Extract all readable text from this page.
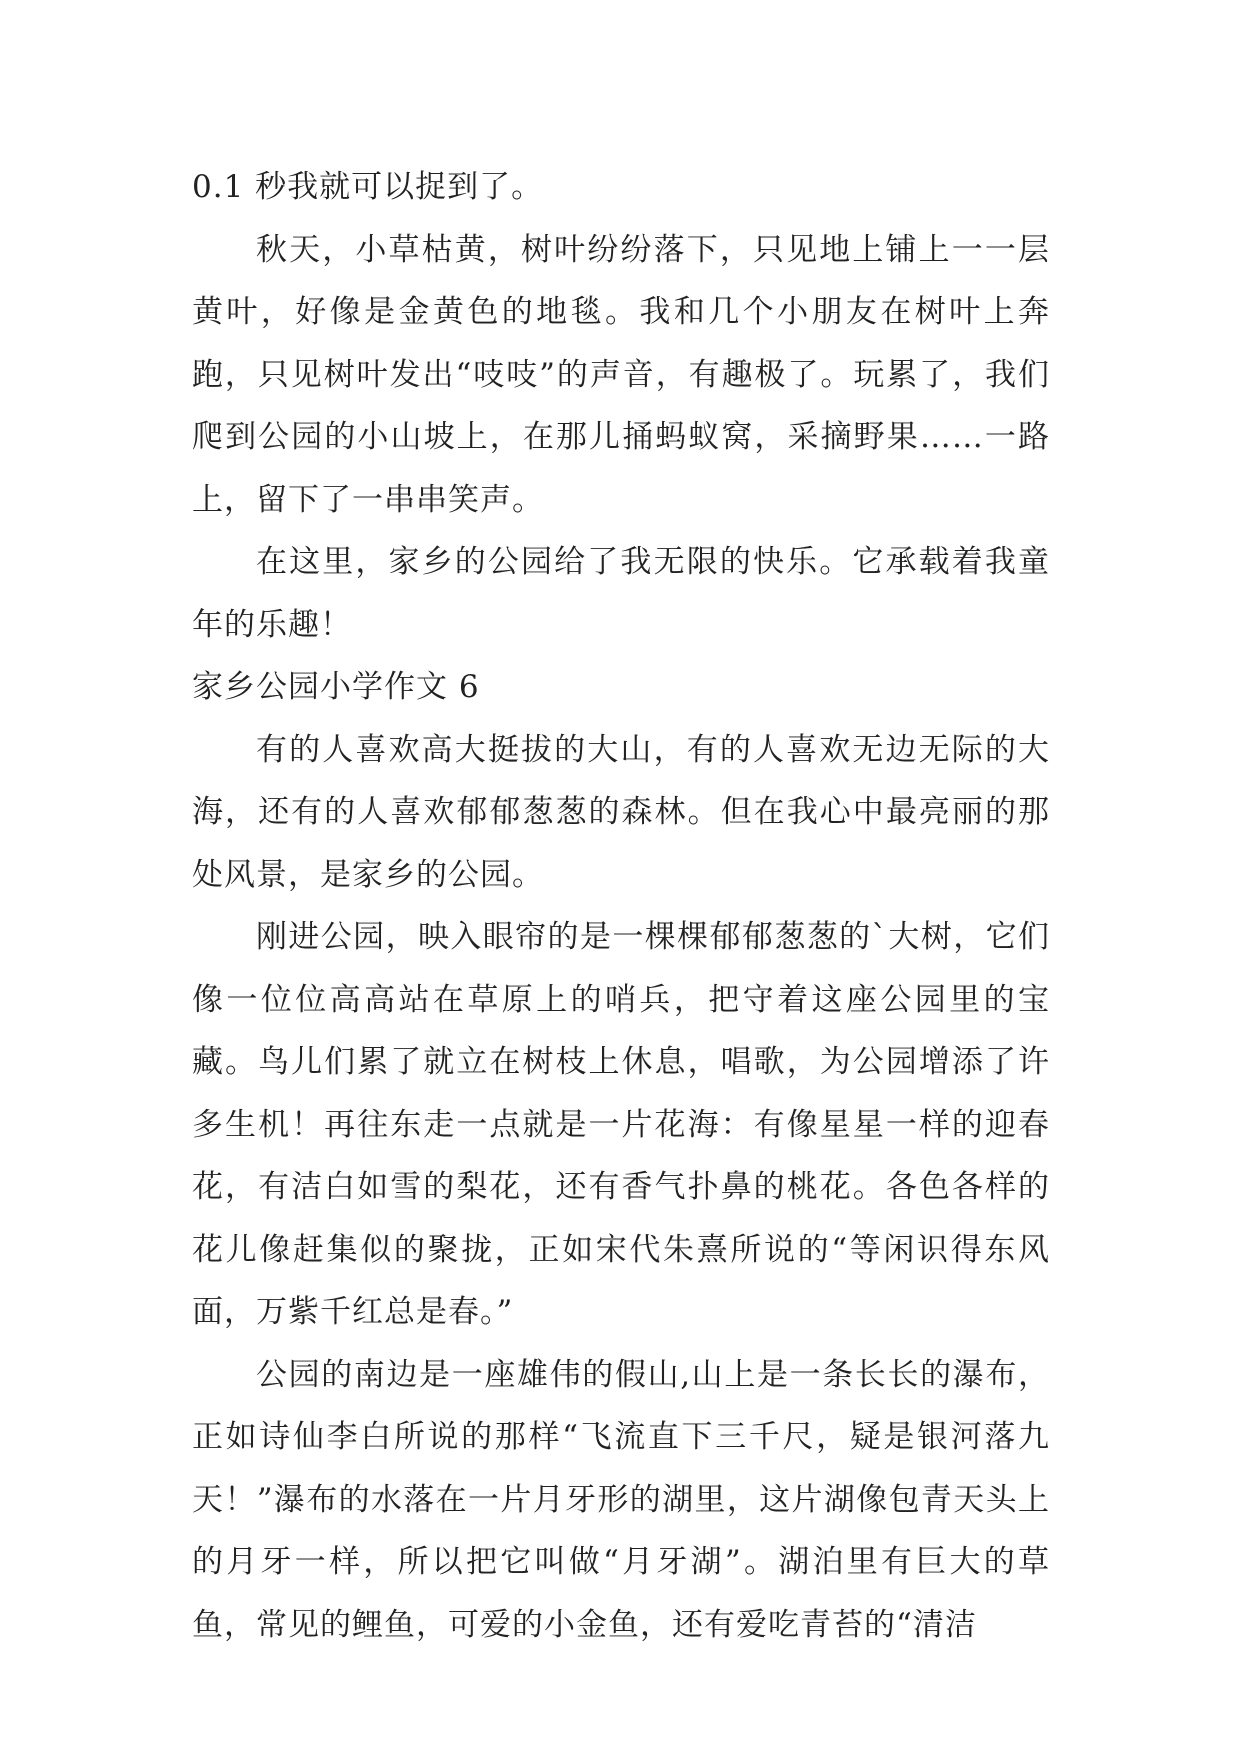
0.1 秒我就可以捉到了。

秋天，小草枯黄，树叶纷纷落下，只见地上铺上一一层黄叶，好像是金黄色的地毯。我和几个小朋友在树叶上奔跑，只见树叶发出“吱吱”的声音，有趣极了。玩累了，我们爬到公园的小山坡上，在那儿捅蚂蚁窝，采摘野果……一路上，留下了一串串笑声。

在这里，家乡的公园给了我无限的快乐。它承载着我童年的乐趣！

家乡公园小学作文 6

有的人喜欢高大挺拔的大山，有的人喜欢无边无际的大海，还有的人喜欢郁郁葱葱的森林。但在我心中最亮丽的那处风景，是家乡的公园。

刚进公园，映入眼帘的是一棵棵郁郁葱葱的`大树，它们像一位位高高站在草原上的哨兵，把守着这座公园里的宝藏。鸟儿们累了就立在树枝上休息，唱歌，为公园增添了许多生机！再往东走一点就是一片花海：有像星星一样的迎春花，有洁白如雪的梨花，还有香气扑鼻的桃花。各色各样的花儿像赶集似的聚拢，正如宋代朱熹所说的“等闲识得东风面，万紫千红总是春。”

公园的南边是一座雄伟的假山,山上是一条长长的瀑布，正如诗仙李白所说的那样“飞流直下三千尺，疑是银河落九天！”瀑布的水落在一片月牙形的湖里，这片湖像包青天头上的月牙一样，所以把它叫做“月牙湖”。湖泊里有巨大的草鱼，常见的鲤鱼，可爱的小金鱼，还有爱吃青苔的“清洁
